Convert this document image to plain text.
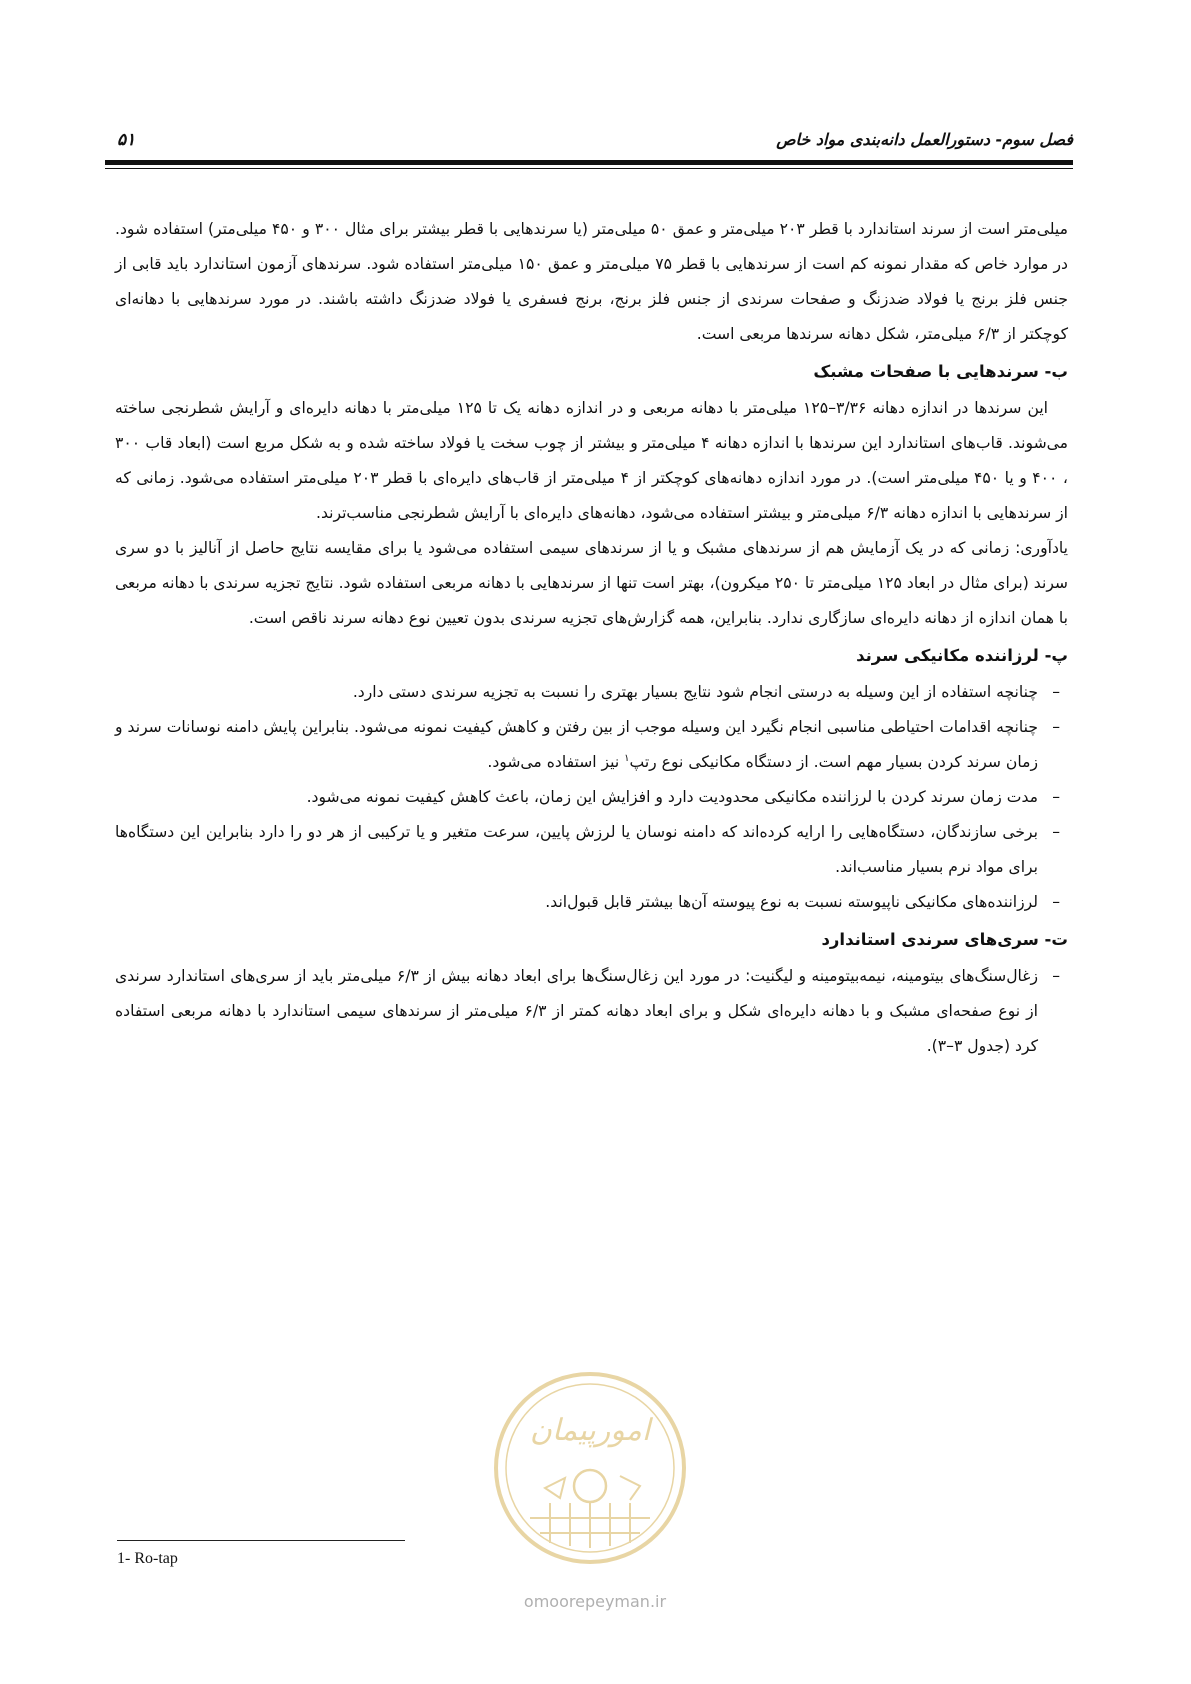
فصل سوم- دستورالعمل دانه‌بندی مواد خاص
۵۱

میلی‌متر است از سرند استاندارد با قطر ۲۰۳ میلی‌متر و عمق ۵۰ میلی‌متر (یا سرندهایی با قطر بیشتر برای مثال ۳۰۰ و ۴۵۰ میلی‌متر) استفاده شود. در موارد خاص که مقدار نمونه کم است از سرندهایی با قطر ۷۵ میلی‌متر و عمق ۱۵۰ میلی‌متر استفاده شود. سرندهای آزمون استاندارد باید قابی از جنس فلز برنج یا فولاد ضدزنگ و صفحات سرندی از جنس فلز برنج، برنج فسفری یا فولاد ضدزنگ داشته باشند. در مورد سرندهایی با دهانه‌ای کوچکتر از ۶/۳ میلی‌متر، شکل دهانه سرندها مربعی است.

ب- سرندهایی با صفحات مشبک

این سرندها در اندازه دهانه ۳/۳۶–۱۲۵ میلی‌متر با دهانه مربعی و در اندازه دهانه یک تا ۱۲۵ میلی‌متر با دهانه دایره‌ای و آرایش شطرنجی ساخته می‌شوند. قاب‌های استاندارد این سرندها با اندازه دهانه ۴ میلی‌متر و بیشتر از چوب سخت یا فولاد ساخته شده و به شکل مربع است (ابعاد قاب ۳۰۰ ، ۴۰۰ و یا ۴۵۰ میلی‌متر است). در مورد اندازه دهانه‌های کوچکتر از ۴ میلی‌متر از قاب‌های دایره‌ای با قطر ۲۰۳ میلی‌متر استفاده می‌شود. زمانی که از سرندهایی با اندازه دهانه ۶/۳ میلی‌متر و بیشتر استفاده می‌شود، دهانه‌های دایره‌ای با آرایش شطرنجی مناسب‌ترند.

یادآوری: زمانی که در یک آزمایش هم از سرندهای مشبک و یا از سرندهای سیمی استفاده می‌شود یا برای مقایسه نتایج حاصل از آنالیز با دو سری سرند (برای مثال در ابعاد ۱۲۵ میلی‌متر تا ۲۵۰ میکرون)، بهتر است تنها از سرندهایی با دهانه مربعی استفاده شود. نتایج تجزیه سرندی با دهانه مربعی با همان اندازه از دهانه دایره‌ای سازگاری ندارد. بنابراین، همه گزارش‌های تجزیه سرندی بدون تعیین نوع دهانه سرند ناقص است.

پ- لرزاننده مکانیکی سرند
–
چنانچه استفاده از این وسیله به درستی انجام شود نتایج بسیار بهتری را نسبت به تجزیه سرندی دستی دارد.
–
چنانچه اقدامات احتیاطی مناسبی انجام نگیرد این وسیله موجب از بین رفتن و کاهش کیفیت نمونه می‌شود. بنابراین پایش دامنه نوسانات سرند و زمان سرند کردن بسیار مهم است. از دستگاه مکانیکی نوع رتپ$^۱$ نیز استفاده می‌شود.
–
مدت زمان سرند کردن با لرزاننده مکانیکی محدودیت دارد و افزایش این زمان، باعث کاهش کیفیت نمونه می‌شود.
–
برخی سازندگان، دستگاه‌هایی را ارایه کرده‌اند که دامنه نوسان یا لرزش پایین، سرعت متغیر و یا ترکیبی از هر دو را دارد بنابراین این دستگاه‌ها برای مواد نرم بسیار مناسب‌اند.
–
لرزاننده‌های مکانیکی ناپیوسته نسبت به نوع پیوسته آن‌ها بیشتر قابل قبول‌اند.
ت- سری‌های سرندی استاندارد
–
زغال‌سنگ‌های بیتومینه، نیمه‌بیتومینه و لیگنیت: در مورد این زغال‌سنگ‌ها برای ابعاد دهانه بیش از ۶/۳ میلی‌متر باید از سری‌های استاندارد سرندی از نوع صفحه‌ای مشبک و با دهانه دایره‌ای شکل و برای ابعاد دهانه کمتر از ۶/۳ میلی‌متر از سرندهای سیمی استاندارد با دهانه مربعی استفاده کرد (جدول ۳–۳).
امورپیمان
omoorepeyman.ir
1- Ro-tap
